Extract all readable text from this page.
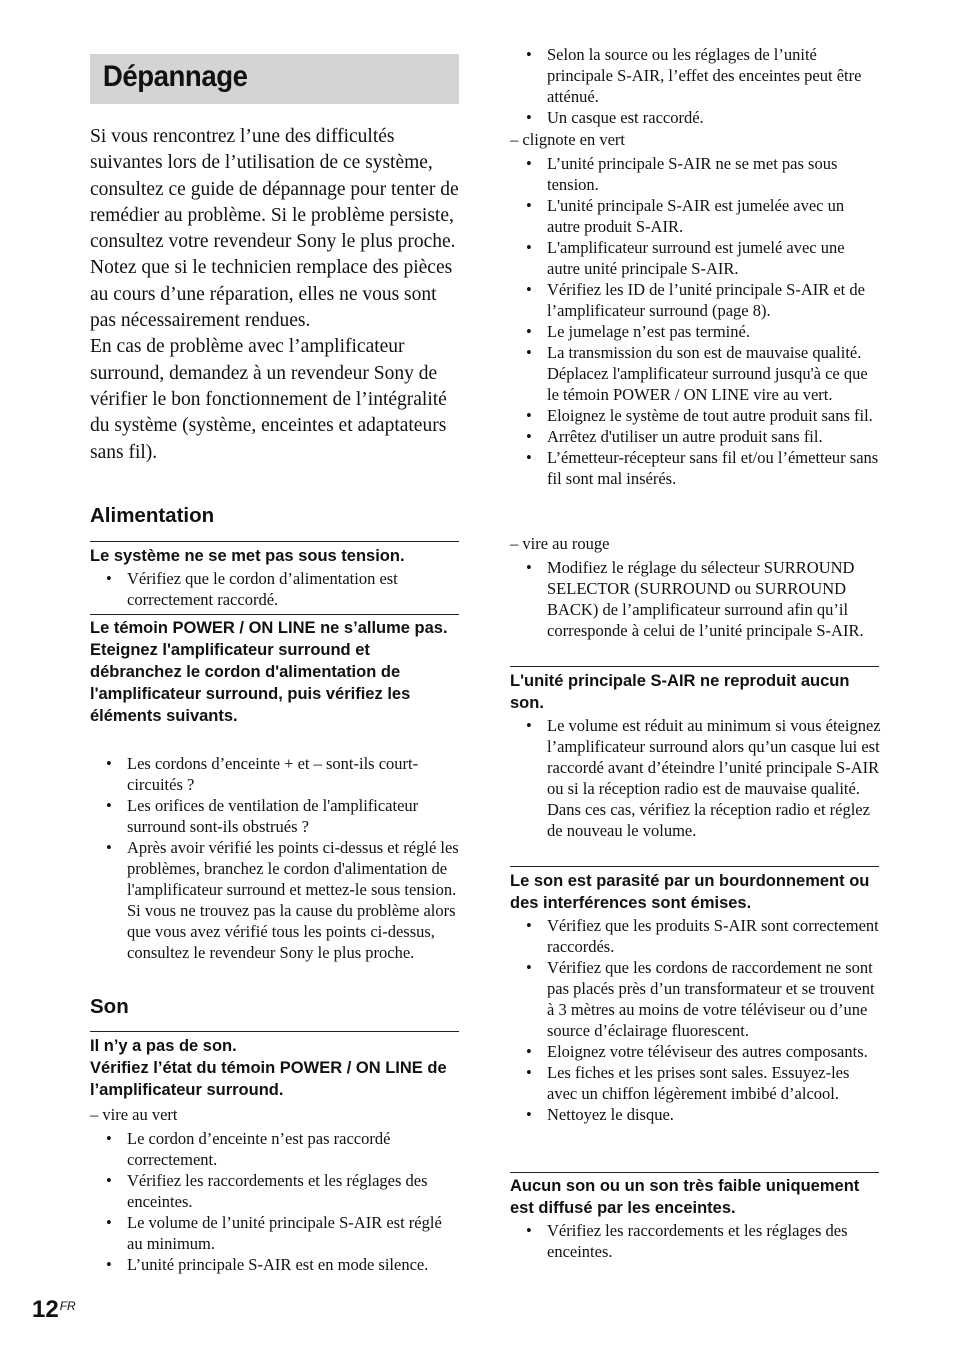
Dépannage

Si vous rencontrez l’une des difficultés suivantes lors de l’utilisation de ce système, consultez ce guide de dépannage pour tenter de remédier au problème. Si le problème persiste, consultez votre revendeur Sony le plus proche.

Notez que si le technicien remplace des pièces au cours d’une réparation, elles ne vous sont pas nécessairement rendues.

En cas de problème avec l’amplificateur surround, demandez à un revendeur Sony de vérifier le bon fonctionnement de l’intégralité du système (système, enceintes et adaptateurs sans fil).

Alimentation

Le système ne se met pas sous tension.

• Vérifiez que le cordon d’alimentation est correctement raccordé.

Le témoin POWER / ON LINE ne s’allume pas.
Eteignez l'amplificateur surround et débranchez le cordon d'alimentation de l'amplificateur surround, puis vérifiez les éléments suivants.

• Les cordons d’enceinte + et – sont-ils court-circuités ?
• Les orifices de ventilation de l'amplificateur surround sont-ils obstrués ?
• Après avoir vérifié les points ci-dessus et réglé les problèmes, branchez le cordon d'alimentation de l'amplificateur surround et mettez-le sous tension. Si vous ne trouvez pas la cause du problème alors que vous avez vérifié tous les points ci-dessus, consultez le revendeur Sony le plus proche.
Son

Il n’y a pas de son.
Vérifiez l’état du témoin POWER / ON LINE de l’amplificateur surround.

– vire au vert

• Le cordon d’enceinte n’est pas raccordé correctement.
• Vérifiez les raccordements et les réglages des enceintes.
• Le volume de l’unité principale S-AIR est réglé au minimum.
• L’unité principale S-AIR est en mode silence.
• Selon la source ou les réglages de l’unité principale S-AIR, l’effet des enceintes peut être atténué.
• Un casque est raccordé.

– clignote en vert

• L’unité principale S-AIR ne se met pas sous tension.
• L'unité principale S-AIR est jumelée avec un autre produit S-AIR.
• L'amplificateur surround est jumelé avec une autre unité principale S-AIR.
• Vérifiez les ID de l’unité principale S-AIR et de l’amplificateur surround (page 8).
• Le jumelage n’est pas terminé.
• La transmission du son est de mauvaise qualité. Déplacez l'amplificateur surround jusqu'à ce que le témoin POWER / ON LINE vire au vert.
• Eloignez le système de tout autre produit sans fil.
• Arrêtez d'utiliser un autre produit sans fil.
• L’émetteur-récepteur sans fil et/ou l’émetteur sans fil sont mal insérés.

– vire au rouge

• Modifiez le réglage du sélecteur SURROUND SELECTOR (SURROUND ou SURROUND BACK) de l’amplificateur surround afin qu’il corresponde à celui de l’unité principale S-AIR.

L'unité principale S-AIR ne reproduit aucun son.

• Le volume est réduit au minimum si vous éteignez l’amplificateur surround alors qu’un casque lui est raccordé avant d’éteindre l’unité principale S-AIR ou si la réception radio est de mauvaise qualité. Dans ces cas, vérifiez la réception radio et réglez de nouveau le volume.

Le son est parasité par un bourdonnement ou des interférences sont émises.

• Vérifiez que les produits S-AIR sont correctement raccordés.
• Vérifiez que les cordons de raccordement ne sont pas placés près d’un transformateur et se trouvent à 3 mètres au moins de votre téléviseur ou d’une source d’éclairage fluorescent.
• Eloignez votre téléviseur des autres composants.
• Les fiches et les prises sont sales. Essuyez-les avec un chiffon légèrement imbibé d’alcool.
• Nettoyez le disque.

Aucun son ou un son très faible uniquement est diffusé par les enceintes.

• Vérifiez les raccordements et les réglages des enceintes.
$12^{FR}$
